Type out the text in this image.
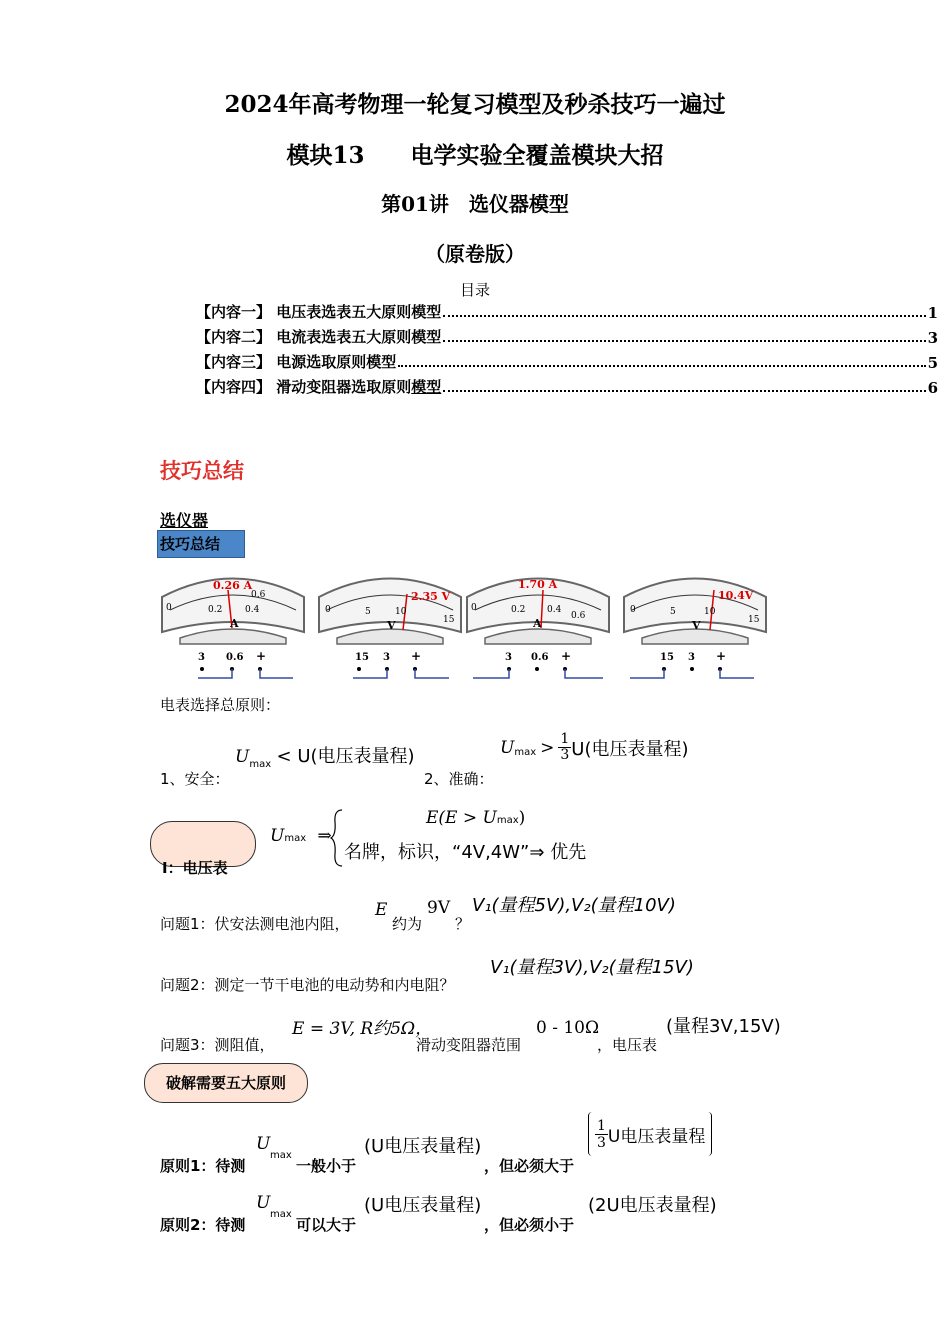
2024年高考物理一轮复习模型及秒杀技巧一遍过
模块13　　电学实验全覆盖模块大招
第01讲　选仪器模型
（原卷版）
目录
【内容一】 电压表选表五大原则模型	1
【内容二】 电流表选表五大原则模型	3
【内容三】 电源选取原则模型	5
【内容四】 滑动变阻器选取原则模型	6
技巧总结
选仪器
技巧总结
0.26 A
0	0.2
0.6
0.4
A
3 0.6 +
2.35 V
0	5	10
15
V
15 3 +
1.70 A
0	0.2 0.4
0.6
A
3 0.6 +
10.4V
0	5	10
15
V
15 3 +
电表选择总原则：
$U_{max} < U$(电压表量程)
1、安全：
U max > 1
3 U(电压表量程)
2、准确：
I：电压表
Umax ⇒
E(E > Umax)
名牌，标识，“4V,4W”⇒ 优先
问题1：伏安法测电池内阻，
E
约为
9V
？
V₁(量程5V),V₂(量程10V)
问题2：测定一节干电池的电动势和内电阻？
V₁(量程3V),V₂(量程15V)
问题3：测阻值，
E = 3V, R约5Ω，
滑动变阻器范围
0 - 10Ω
，电压表
(量程3V,15V)
破解需要五大原则
原则1：待测
U
max
一般小于
(U电压表量程)
，但必须大于
1
3 U电压表量程
原则2：待测
U
max
可以大于
(U电压表量程)
，但必须小于
(2U电压表量程)
